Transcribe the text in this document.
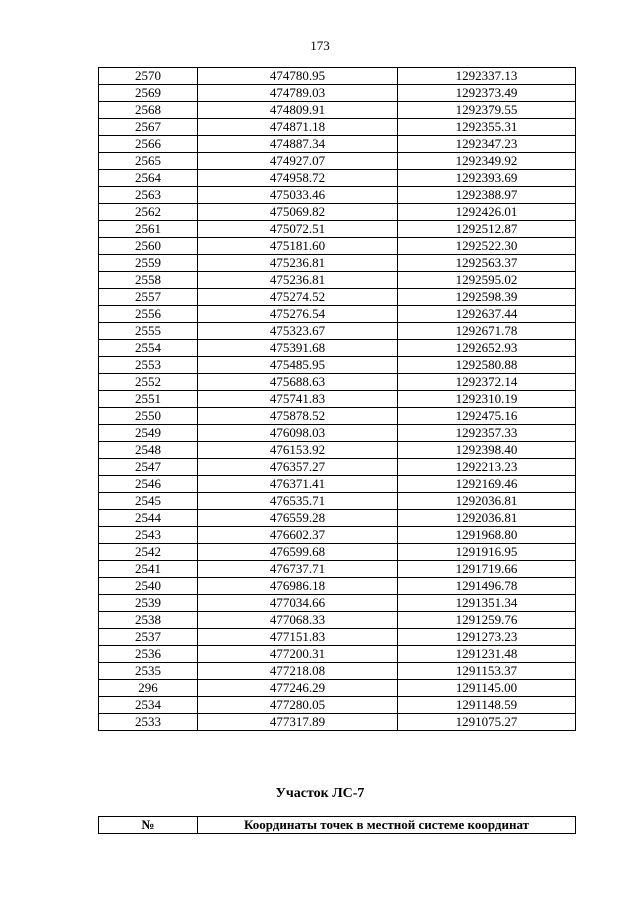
173
2570	474780.95	1292337.13
2569	474789.03	1292373.49
2568	474809.91	1292379.55
2567	474871.18	1292355.31
2566	474887.34	1292347.23
2565	474927.07	1292349.92
2564	474958.72	1292393.69
2563	475033.46	1292388.97
2562	475069.82	1292426.01
2561	475072.51	1292512.87
2560	475181.60	1292522.30
2559	475236.81	1292563.37
2558	475236.81	1292595.02
2557	475274.52	1292598.39
2556	475276.54	1292637.44
2555	475323.67	1292671.78
2554	475391.68	1292652.93
2553	475485.95	1292580.88
2552	475688.63	1292372.14
2551	475741.83	1292310.19
2550	475878.52	1292475.16
2549	476098.03	1292357.33
2548	476153.92	1292398.40
2547	476357.27	1292213.23
2546	476371.41	1292169.46
2545	476535.71	1292036.81
2544	476559.28	1292036.81
2543	476602.37	1291968.80
2542	476599.68	1291916.95
2541	476737.71	1291719.66
2540	476986.18	1291496.78
2539	477034.66	1291351.34
2538	477068.33	1291259.76
2537	477151.83	1291273.23
2536	477200.31	1291231.48
2535	477218.08	1291153.37
296	477246.29	1291145.00
2534	477280.05	1291148.59
2533	477317.89	1291075.27
Участок ЛС-7
№	Координаты точек в местной системе координат
